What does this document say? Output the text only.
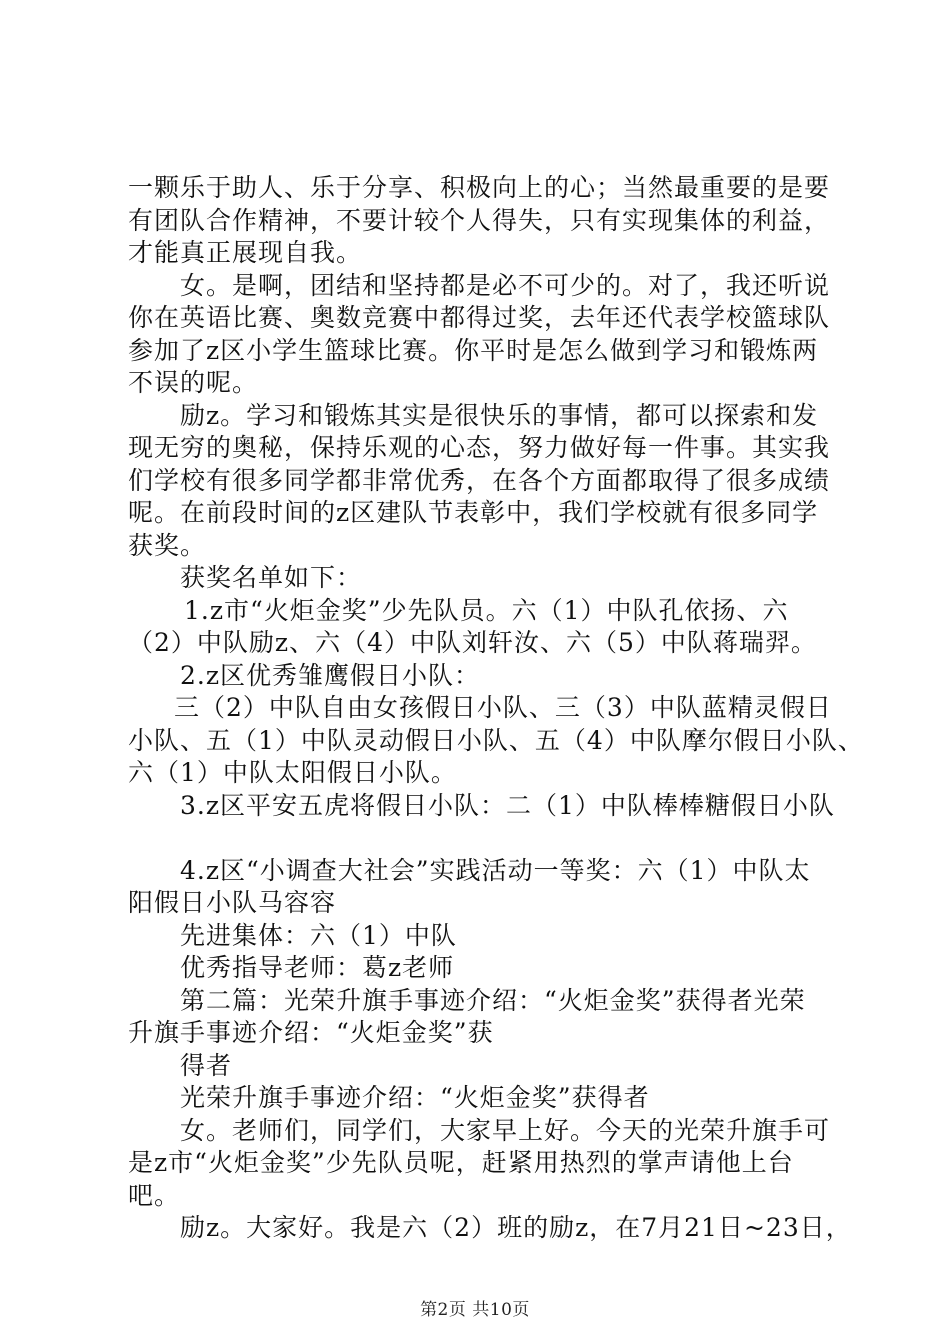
一颗乐于助人、乐于分享、积极向上的心；当然最重要的是要
有团队合作精神，不要计较个人得失，只有实现集体的利益，
才能真正展现自我。
女。是啊，团结和坚持都是必不可少的。对了，我还听说
你在英语比赛、奥数竞赛中都得过奖，去年还代表学校篮球队
参加了z区小学生篮球比赛。你平时是怎么做到学习和锻炼两
不误的呢。
励z。学习和锻炼其实是很快乐的事情，都可以探索和发
现无穷的奥秘，保持乐观的心态，努力做好每一件事。其实我
们学校有很多同学都非常优秀，在各个方面都取得了很多成绩
呢。在前段时间的z区建队节表彰中，我们学校就有很多同学
获奖。
获奖名单如下：
1.z市“火炬金奖”少先队员。六（1）中队孔依扬、六
（2）中队励z、六（4）中队刘轩汝、六（5）中队蒋瑞羿。
2.z区优秀雏鹰假日小队：
三（2）中队自由女孩假日小队、三（3）中队蓝精灵假日
小队、五（1）中队灵动假日小队、五（4）中队摩尔假日小队、
六（1）中队太阳假日小队。
3.z区平安五虎将假日小队：二（1）中队棒棒糖假日小队
4.z区“小调查大社会”实践活动一等奖：六（1）中队太
阳假日小队马容容
先进集体：六（1）中队
优秀指导老师：葛z老师
第二篇：光荣升旗手事迹介绍：“火炬金奖”获得者光荣
升旗手事迹介绍：“火炬金奖”获
得者
光荣升旗手事迹介绍：“火炬金奖”获得者
女。老师们，同学们，大家早上好。今天的光荣升旗手可
是z市“火炬金奖”少先队员呢，赶紧用热烈的掌声请他上台
吧。
励z。大家好。我是六（2）班的励z，在7月21日~23日，
第2页 共10页
